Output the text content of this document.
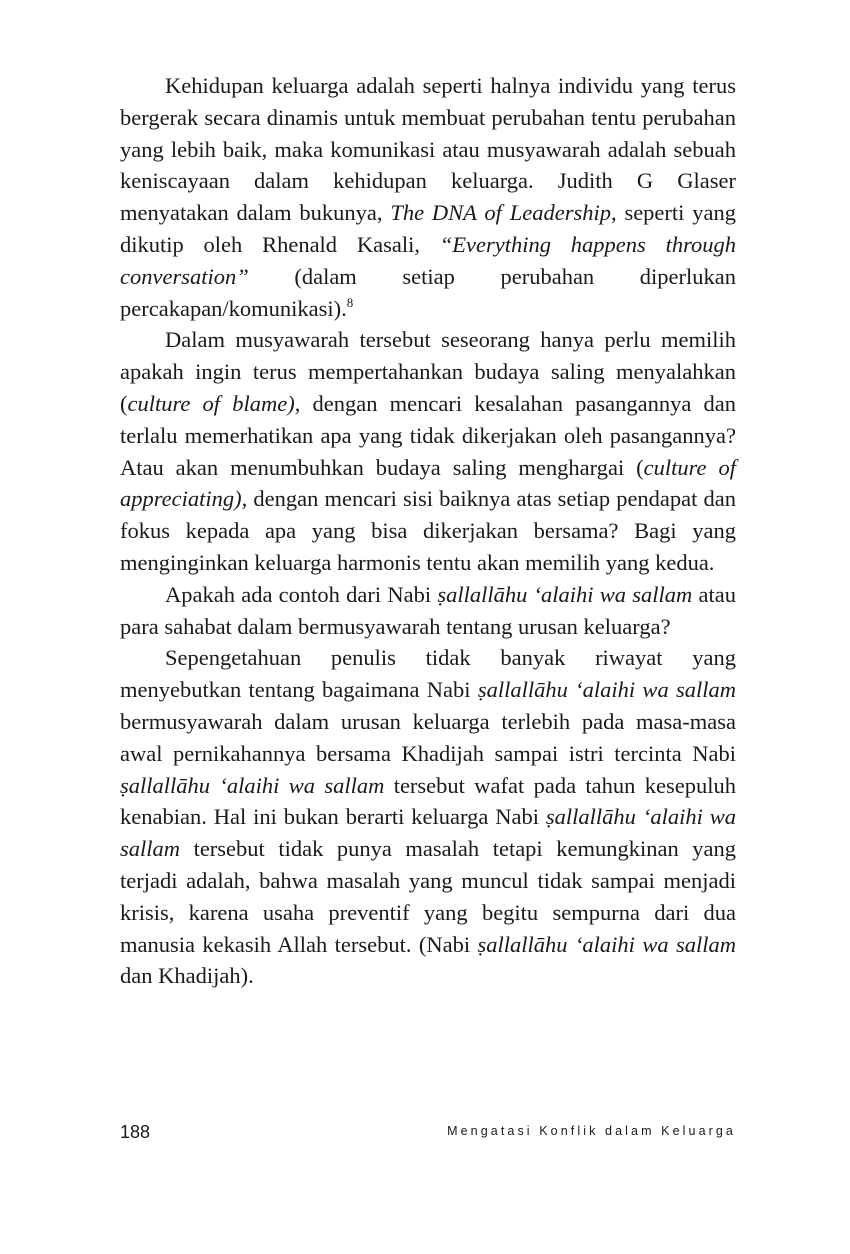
Kehidupan keluarga adalah seperti halnya individu yang terus bergerak secara dinamis untuk membuat perubahan tentu perubahan yang lebih baik, maka komunikasi atau musyawarah adalah sebuah keniscayaan dalam kehidupan keluarga. Judith G Glaser menyatakan dalam bukunya, The DNA of Leadership, seperti yang dikutip oleh Rhenald Kasali, “Everything happens through conversation” (dalam setiap perubahan diperlukan percakapan/komunikasi).$^8$

Dalam musyawarah tersebut seseorang hanya perlu memilih apakah ingin terus mempertahankan budaya saling menyalahkan (culture of blame), dengan mencari kesalahan pasangannya dan terlalu memerhatikan apa yang tidak dikerjakan oleh pasangannya? Atau akan menumbuhkan budaya saling menghargai (culture of appreciating), dengan mencari sisi baiknya atas setiap pendapat dan fokus kepada apa yang bisa dikerjakan bersama? Bagi yang menginginkan keluarga harmonis tentu akan memilih yang kedua.

Apakah ada contoh dari Nabi ṣallallāhu ‘alaihi wa sallam atau para sahabat dalam bermusyawarah tentang urusan keluarga?

Sepengetahuan penulis tidak banyak riwayat yang menyebutkan tentang bagaimana Nabi ṣallallāhu ‘alaihi wa sallam bermusyawarah dalam urusan keluarga terlebih pada masa-masa awal pernikahannya bersama Khadijah sampai istri tercinta Nabi ṣallallāhu ‘alaihi wa sallam tersebut wafat pada tahun kesepuluh kenabian. Hal ini bukan berarti keluarga Nabi ṣallallāhu ‘alaihi wa sallam tersebut tidak punya masalah tetapi kemungkinan yang terjadi adalah, bahwa masalah yang muncul tidak sampai menjadi krisis, karena usaha preventif yang begitu sempurna dari dua manusia kekasih Allah tersebut. (Nabi ṣallallāhu ‘alaihi wa sallam dan Khadijah).

188	Mengatasi Konflik dalam Keluarga
